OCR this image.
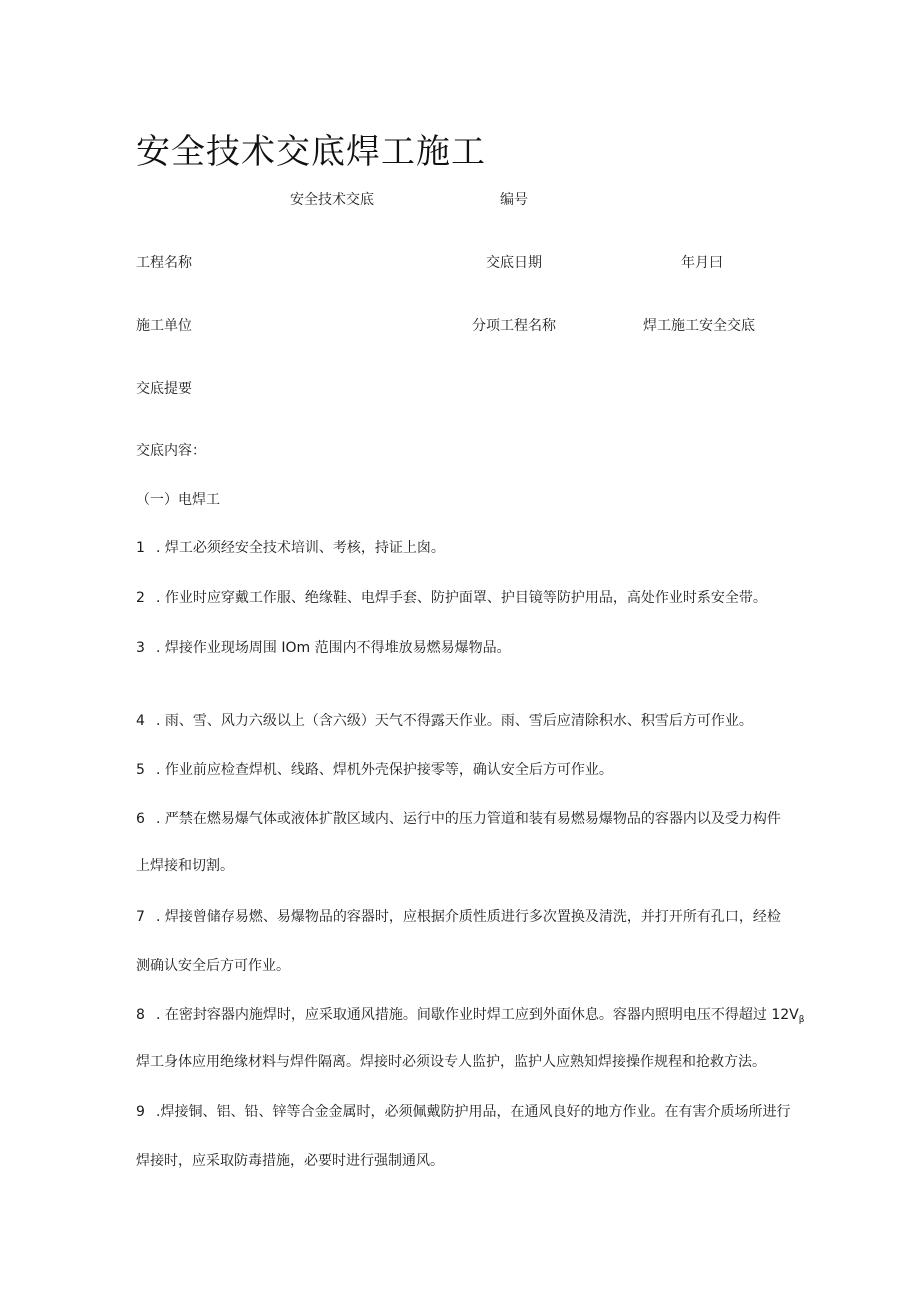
安全技术交底焊工施工
安全技术交底	编号
工程名称	交底日期	年月曰
施工单位	分项工程名称	焊工施工安全交底
交底提要
交底内容：
（一）电焊工
1 . 焊工必须经安全技术培训、考核，持证上囱。
2 . 作业时应穿戴工作服、绝缘鞋、电焊手套、防护面罩、护目镜等防护用品，高处作业时系安全带。
3 . 焊接作业现场周围 IOm 范围内不得堆放易燃易爆物品。
4 . 雨、雪、风力六级以上（含六级）天气不得露天作业。雨、雪后应清除积水、积雪后方可作业。
5 . 作业前应检查焊机、线路、焊机外壳保护接零等，确认安全后方可作业。
6 . 严禁在燃易爆气体或液体扩散区域内、运行中的压力管道和装有易燃易爆物品的容器内以及受力构件
上焊接和切割。
7 . 焊接曾储存易燃、易爆物品的容器时，应根据介质性质进行多次置换及清洗，并打开所有孔口，经检
测确认安全后方可作业。
8 . 在密封容器内施焊时，应采取通风措施。间歇作业时焊工应到外面休息。容器内照明电压不得超过 $12V_\beta$
焊工身体应用绝缘材料与焊件隔离。焊接时必须设专人监护，监护人应熟知焊接操作规程和抢救方法。
9 .焊接铜、铝、铅、锌等合金金属时，必须佩戴防护用品，在通风良好的地方作业。在有害介质场所进行
焊接时，应采取防毒措施，必要时进行强制通风。
